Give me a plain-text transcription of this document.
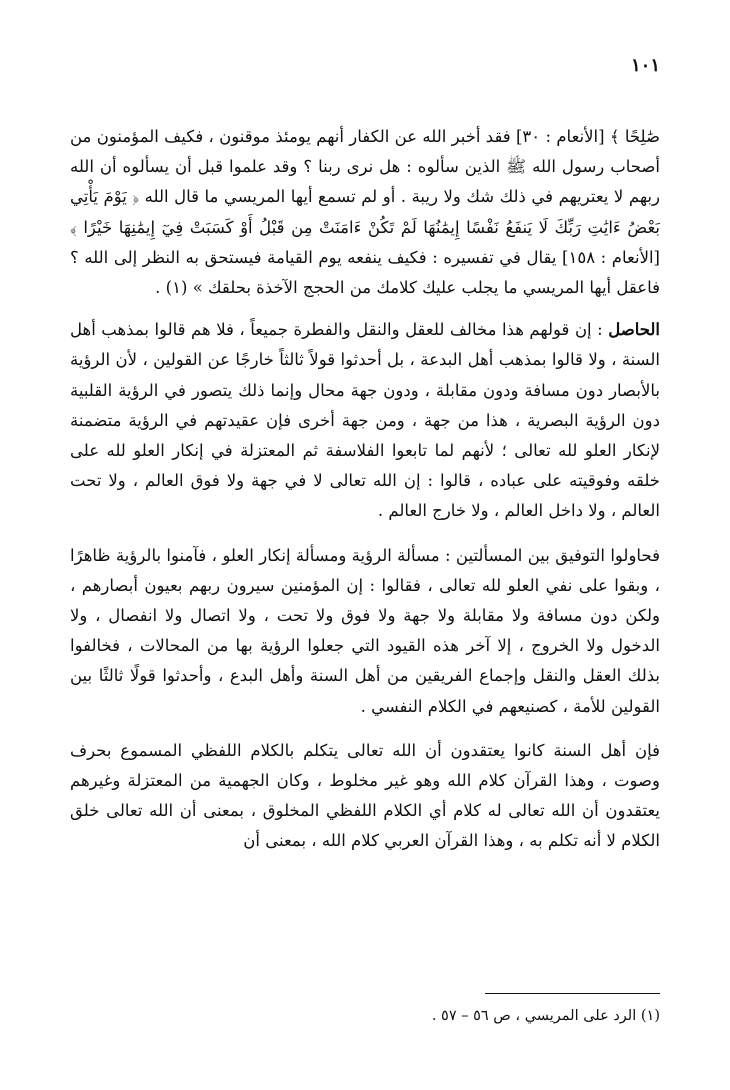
١٠١

صَٰلِحًا ﴾ [الأنعام : ٣٠] فقد أخبر الله عن الكفار أنهم يومئذ موقنون ، فكيف المؤمنون من أصحاب رسول الله ﷺ الذين سألوه : هل نرى ربنا ؟ وقد علموا قبل أن يسألوه أن الله ربهم لا يعتريهم في ذلك شك ولا ريبة . أو لم تسمع أيها المريسي ما قال الله ﴿ يَوْمَ يَأْتِي بَعْضُ ءَايَٰتِ رَبِّكَ لَا يَنفَعُ نَفْسًا إِيمَٰنُهَا لَمْ تَكُنْ ءَامَنَتْ مِن قَبْلُ أَوْ كَسَبَتْ فِيٓ إِيمَٰنِهَا خَيْرًا ﴾ [الأنعام : ١٥٨] يقال في تفسيره : فكيف ينفعه يوم القيامة فيستحق به النظر إلى الله ؟ فاعقل أيها المريسي ما يجلب عليك كلامك من الحجج الآخذة بحلقك » (١) .

الحاصل : إن قولهم هذا مخالف للعقل والنقل والفطرة جميعاً ، فلا هم قالوا بمذهب أهل السنة ، ولا قالوا بمذهب أهل البدعة ، بل أحدثوا قولاً ثالثاً خارجًا عن القولين ، لأن الرؤية بالأبصار دون مسافة ودون مقابلة ، ودون جهة محال وإنما ذلك يتصور في الرؤية القلبية دون الرؤية البصرية ، هذا من جهة ، ومن جهة أخرى فإن عقيدتهم في الرؤية متضمنة لإنكار العلو لله تعالى ؛ لأنهم لما تابعوا الفلاسفة ثم المعتزلة في إنكار العلو لله على خلقه وفوقيته على عباده ، قالوا : إن الله تعالى لا في جهة ولا فوق العالم ، ولا تحت العالم ، ولا داخل العالم ، ولا خارج العالم .

فحاولوا التوفيق بين المسألتين : مسألة الرؤية ومسألة إنكار العلو ، فآمنوا بالرؤية ظاهرًا ، وبقوا على نفي العلو لله تعالى ، فقالوا : إن المؤمنين سيرون ربهم بعيون أبصارهم ، ولكن دون مسافة ولا مقابلة ولا جهة ولا فوق ولا تحت ، ولا اتصال ولا انفصال ، ولا الدخول ولا الخروج ، إلا آخر هذه القيود التي جعلوا الرؤية بها من المحالات ، فخالفوا بذلك العقل والنقل وإجماع الفريقين من أهل السنة وأهل البدع ، وأحدثوا قولًا ثالثًا بين القولين للأمة ، كصنيعهم في الكلام النفسي .

فإن أهل السنة كانوا يعتقدون أن الله تعالى يتكلم بالكلام اللفظي المسموع بحرف وصوت ، وهذا القرآن كلام الله وهو غير مخلوط ، وكان الجهمية من المعتزلة وغيرهم يعتقدون أن الله تعالى له كلام أي الكلام اللفظي المخلوق ، بمعنى أن الله تعالى خلق الكلام لا أنه تكلم به ، وهذا القرآن العربي كلام الله ، بمعنى أن

(١) الرد على المريسي ، ص ٥٦ – ٥٧ .
